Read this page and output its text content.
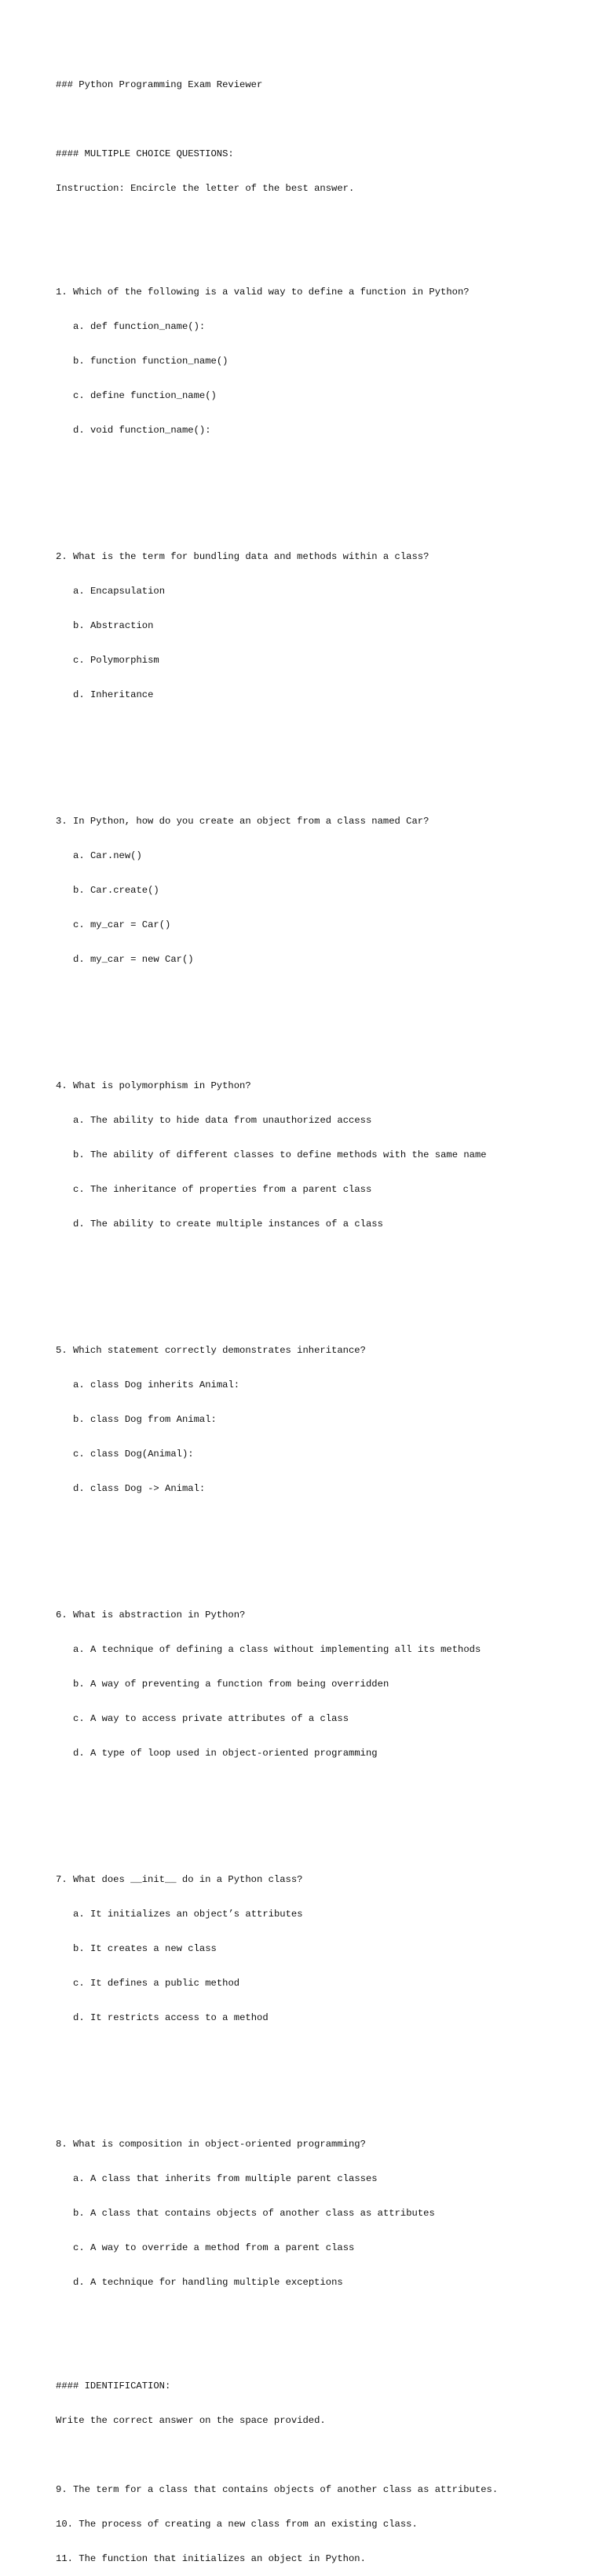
### Python Programming Exam Reviewer

#### MULTIPLE CHOICE QUESTIONS:

Instruction: Encircle the letter of the best answer.

1. Which of the following is a valid way to define a function in Python?

a. def function_name():

b. function function_name()

c. define function_name()

d. void function_name():

2. What is the term for bundling data and methods within a class?

a. Encapsulation

b. Abstraction

c. Polymorphism

d. Inheritance

3. In Python, how do you create an object from a class named Car?

a. Car.new()

b. Car.create()

c. my_car = Car()

d. my_car = new Car()

4. What is polymorphism in Python?

a. The ability to hide data from unauthorized access

b. The ability of different classes to define methods with the same name

c. The inheritance of properties from a parent class

d. The ability to create multiple instances of a class

5. Which statement correctly demonstrates inheritance?

a. class Dog inherits Animal:

b. class Dog from Animal:

c. class Dog(Animal):

d. class Dog -> Animal:

6. What is abstraction in Python?

a. A technique of defining a class without implementing all its methods

b. A way of preventing a function from being overridden

c. A way to access private attributes of a class

d. A type of loop used in object-oriented programming

7. What does __init__ do in a Python class?

a. It initializes an object’s attributes

b. It creates a new class

c. It defines a public method

d. It restricts access to a method

8. What is composition in object-oriented programming?

a. A class that inherits from multiple parent classes

b. A class that contains objects of another class as attributes

c. A way to override a method from a parent class

d. A technique for handling multiple exceptions

#### IDENTIFICATION:

Write the correct answer on the space provided.

9. The term for a class that contains objects of another class as attributes.

10. The process of creating a new class from an existing class.

11. The function that initializes an object in Python.
